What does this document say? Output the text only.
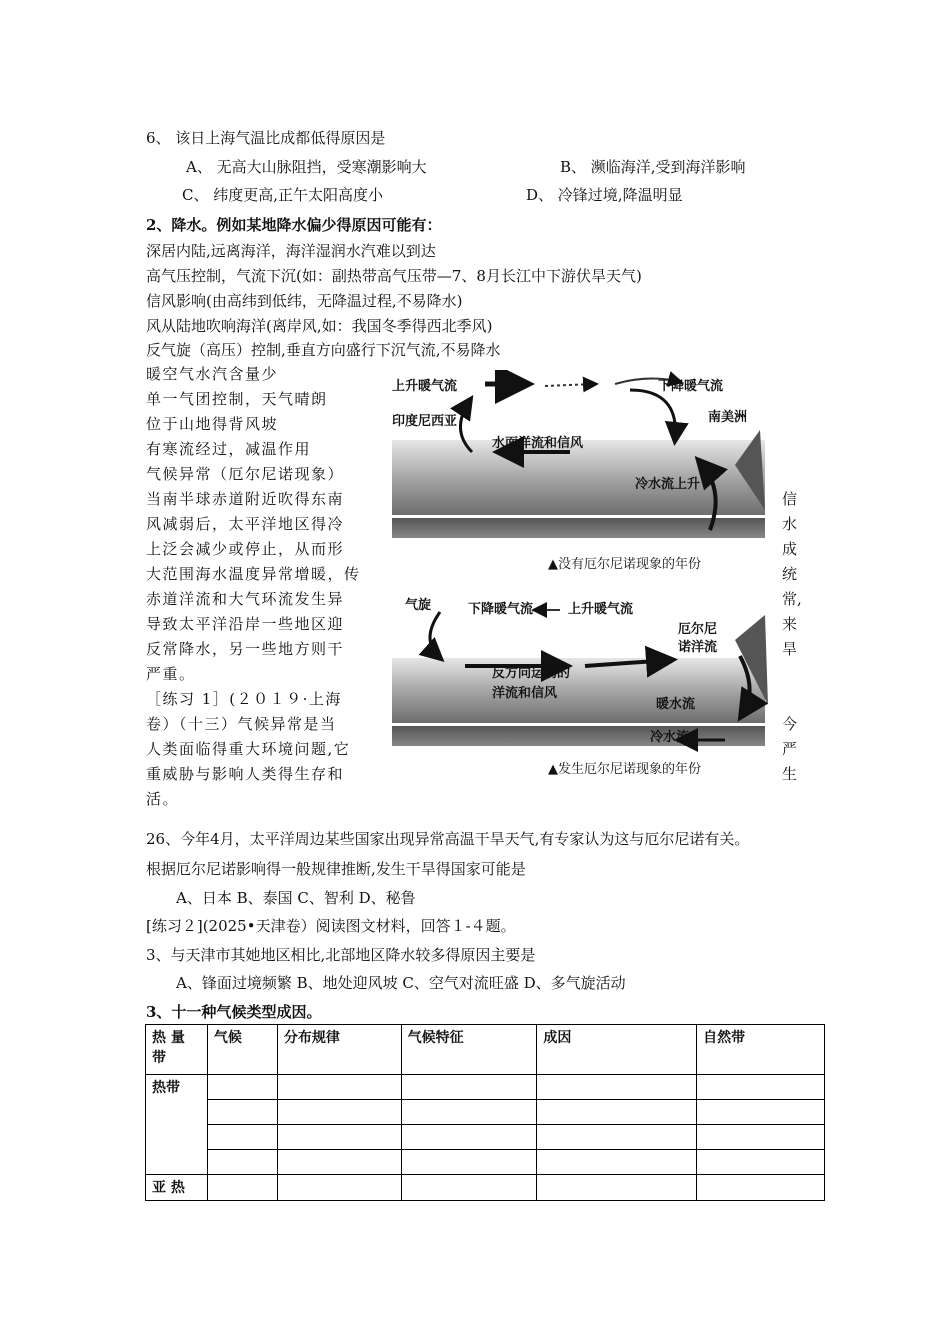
6、 该日上海气温比成都低得原因是
A、 无高大山脉阻挡，受寒潮影响大	B、 濒临海洋,受到海洋影响
C、 纬度更高,正午太阳高度小	D、 冷锋过境,降温明显
2、降水。例如某地降水偏少得原因可能有：
深居内陆,远离海洋，海洋湿润水汽难以到达
高气压控制，气流下沉(如：副热带高气压带—7、8月长江中下游伏旱天气)
信风影响(由高纬到低纬，无降温过程,不易降水)
风从陆地吹响海洋(离岸风,如：我国冬季得西北季风)
反气旋（高压）控制,垂直方向盛行下沉气流,不易降水
暖空气水汽含量少
单一气团控制，天气晴朗
位于山地得背风坡
有寒流经过，减温作用
气候异常（厄尔尼诺现象）
当南半球赤道附近吹得东南
风减弱后，太平洋地区得冷
上泛会减少或停止，从而形
大范围海水温度异常增暖，传
赤道洋流和大气环流发生异
导致太平洋沿岸一些地区迎
反常降水，另一些地方则干
严重。
［练习 1］(２０１９·上海
卷）（十三）气候异常是当
人类面临得重大环境问题,它
重威胁与影响人类得生存和
活。
信
水
成
统
常,
来
旱
今
严
生
上升暖气流	下降暖气流
印度尼西亚	南美洲
水面洋流和信风
冷水流上升
▲没有厄尔尼诺现象的年份
气旋	下降暖气流	上升暖气流
厄尔尼
诺洋流
反方向运动的
洋流和信风
暖水流
冷水流
▲发生厄尔尼诺现象的年份
26、今年4月，太平洋周边某些国家出现异常高温干旱天气,有专家认为这与厄尔尼诺有关。
根据厄尔尼诺影响得一般规律推断,发生干旱得国家可能是
A、日本 B、泰国 C、智利 D、秘鲁
[练习２](2025•天津卷）阅读图文材料，回答１-４题。
3、与天津市其她地区相比,北部地区降水较多得原因主要是
A、锋面过境频繁 B、地处迎风坡 C、空气对流旺盛 D、多气旋活动
3、十一种气候类型成因。
热 量
带	气候	分布规律	气候特征	成因	自然带
热带					

亚 热					
